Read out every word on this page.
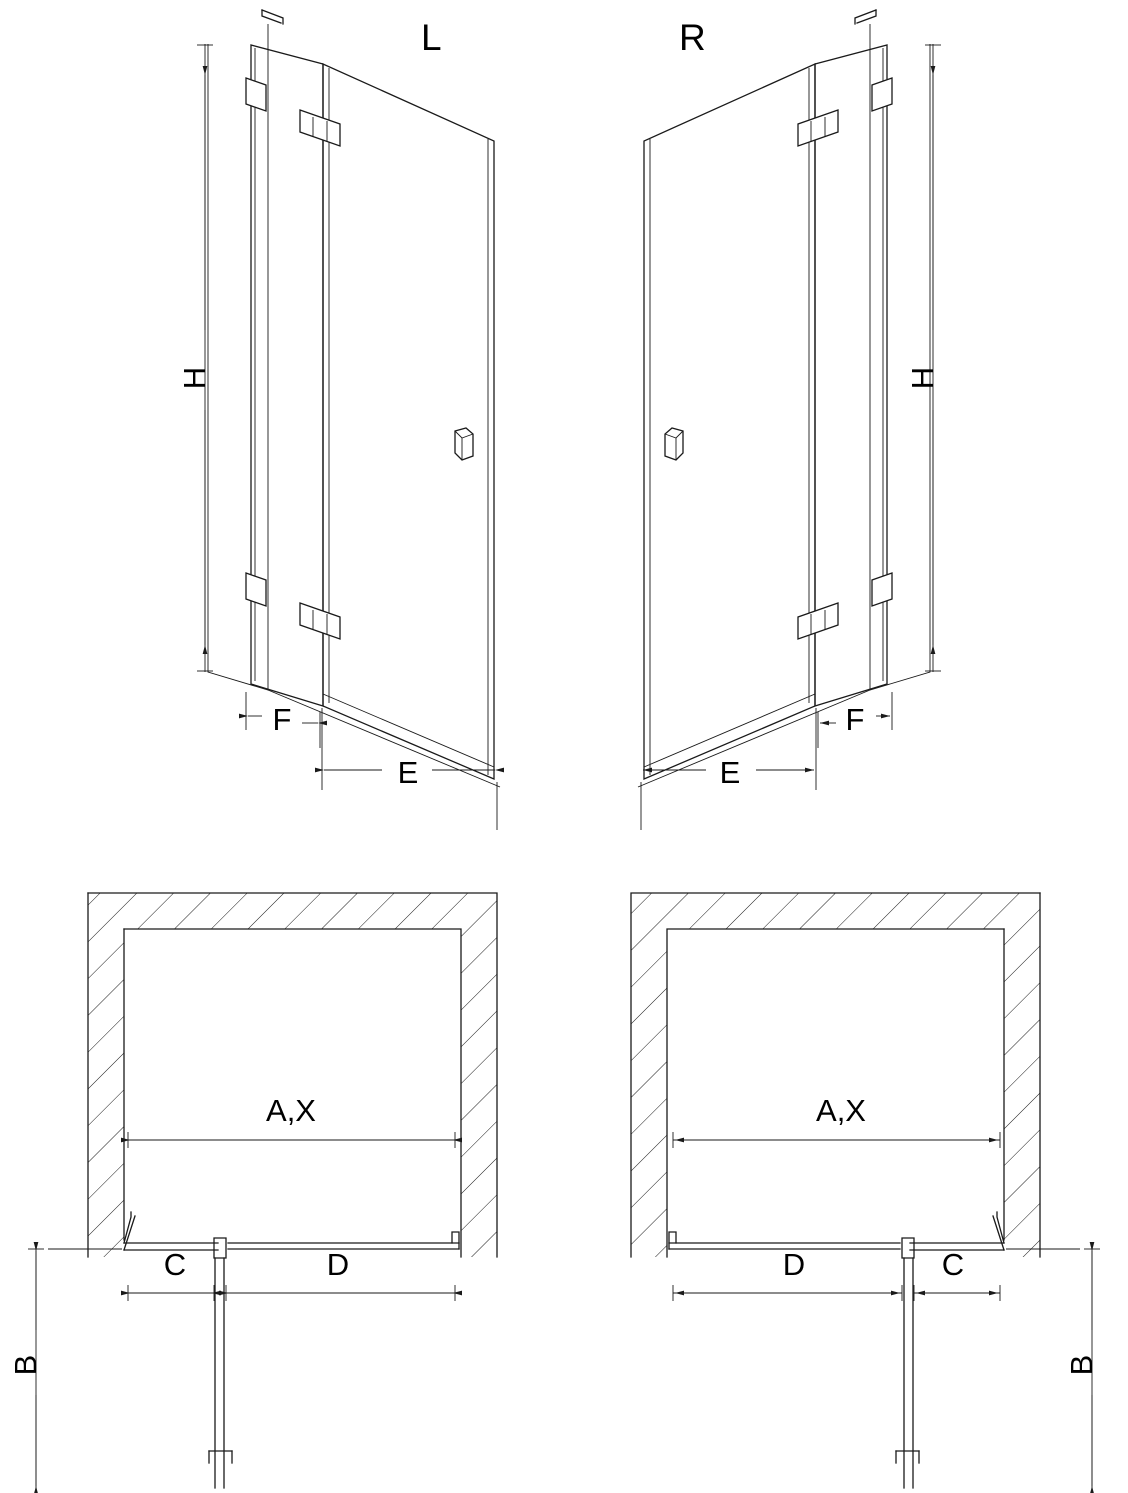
L
H
F
E
R
H
F
E
A,X
C	D
B
A,X
C
D
B
